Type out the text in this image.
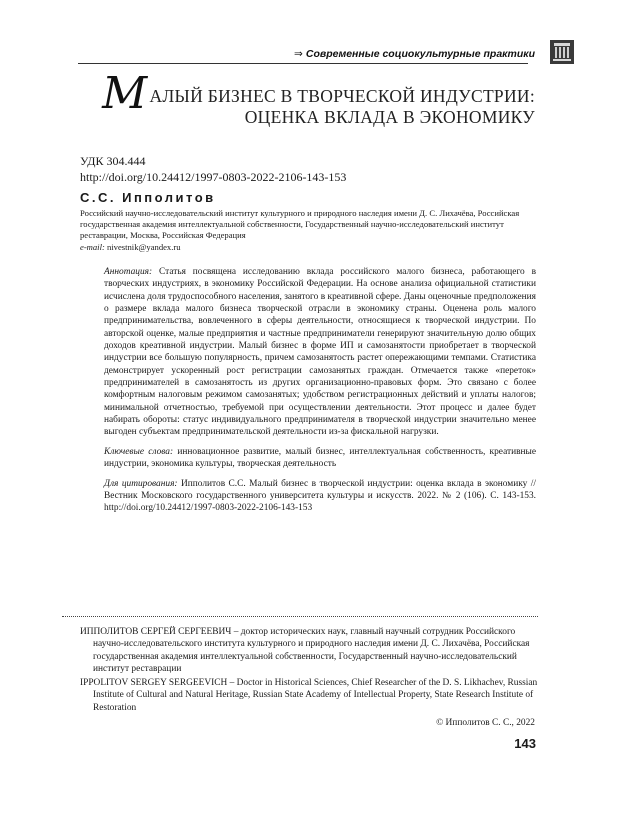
⇒ Современные социокультурные практики
МАЛЫЙ БИЗНЕС В ТВОРЧЕСКОЙ ИНДУСТРИИ:
ОЦЕНКА ВКЛАДА В ЭКОНОМИКУ
УДК 304.444
http://doi.org/10.24412/1997-0803-2022-2106-143-153
С.С. Ипполитов
Российский научно-исследовательский институт культурного и природного наследия имени Д. С. Лихачёва, Российская государственная академия интеллектуальной собственности, Государственный научно-исследовательский институт реставрации, Москва, Российская Федерация
e-mail: nivestnik@yandex.ru

Аннотация: Статья посвящена исследованию вклада российского малого бизнеса, работающего в творческих индустриях, в экономику Российской Федерации. На основе анализа официальной статистики исчислена доля трудоспособного населения, занятого в креативной сфере. Даны оценочные предположения о размере вклада малого бизнеса творческой отрасли в экономику страны. Оценена роль малого предпринимательства, вовлеченного в сферы деятельности, относящиеся к творческой индустрии. По авторской оценке, малые предприятия и частные предприниматели генерируют значительную долю общих доходов креативной индустрии. Малый бизнес в форме ИП и самозанятости приобретает в творческой индустрии все большую популярность, причем самозанятость растет опережающими темпами. Статистика демонстрирует ускоренный рост регистрации самозанятых граждан. Отмечается также «переток» предпринимателей в самозанятость из других организационно-правовых форм. Это связано с более комфортным налоговым режимом самозанятых; удобством регистрационных действий и уплаты налогов; минимальной отчетностью, требуемой при осуществлении деятельности. Этот процесс и далее будет набирать обороты: статус индивидуального предпринимателя в творческой индустрии значительно менее выгоден субъектам предпринимательской деятельности из-за фискальной нагрузки.

Ключевые слова: инновационное развитие, малый бизнес, интеллектуальная собственность, креативные индустрии, экономика культуры, творческая деятельность

Для цитирования: Ипполитов С.С. Малый бизнес в творческой индустрии: оценка вклада в экономику // Вестник Московского государственного университета культуры и искусств. 2022. № 2 (106). С. 143-153. http://doi.org/10.24412/1997-0803-2022-2106-143-153

ИППОЛИТОВ СЕРГЕЙ СЕРГЕЕВИЧ – доктор исторических наук, главный научный сотрудник Российского научно-исследовательского института культурного и природного наследия имени Д. С. Лихачёва, Российская государственная академия интеллектуальной собственности, Государственный научно-исследовательский институт реставрации
IPPOLITOV SERGEY SERGEEVICH – Doctor in Historical Sciences, Chief Researcher of the D. S. Likhachev, Russian Institute of Cultural and Natural Heritage, Russian State Academy of Intellectual Property, State Research Institute of Restoration
© Ипполитов С. С., 2022
143
